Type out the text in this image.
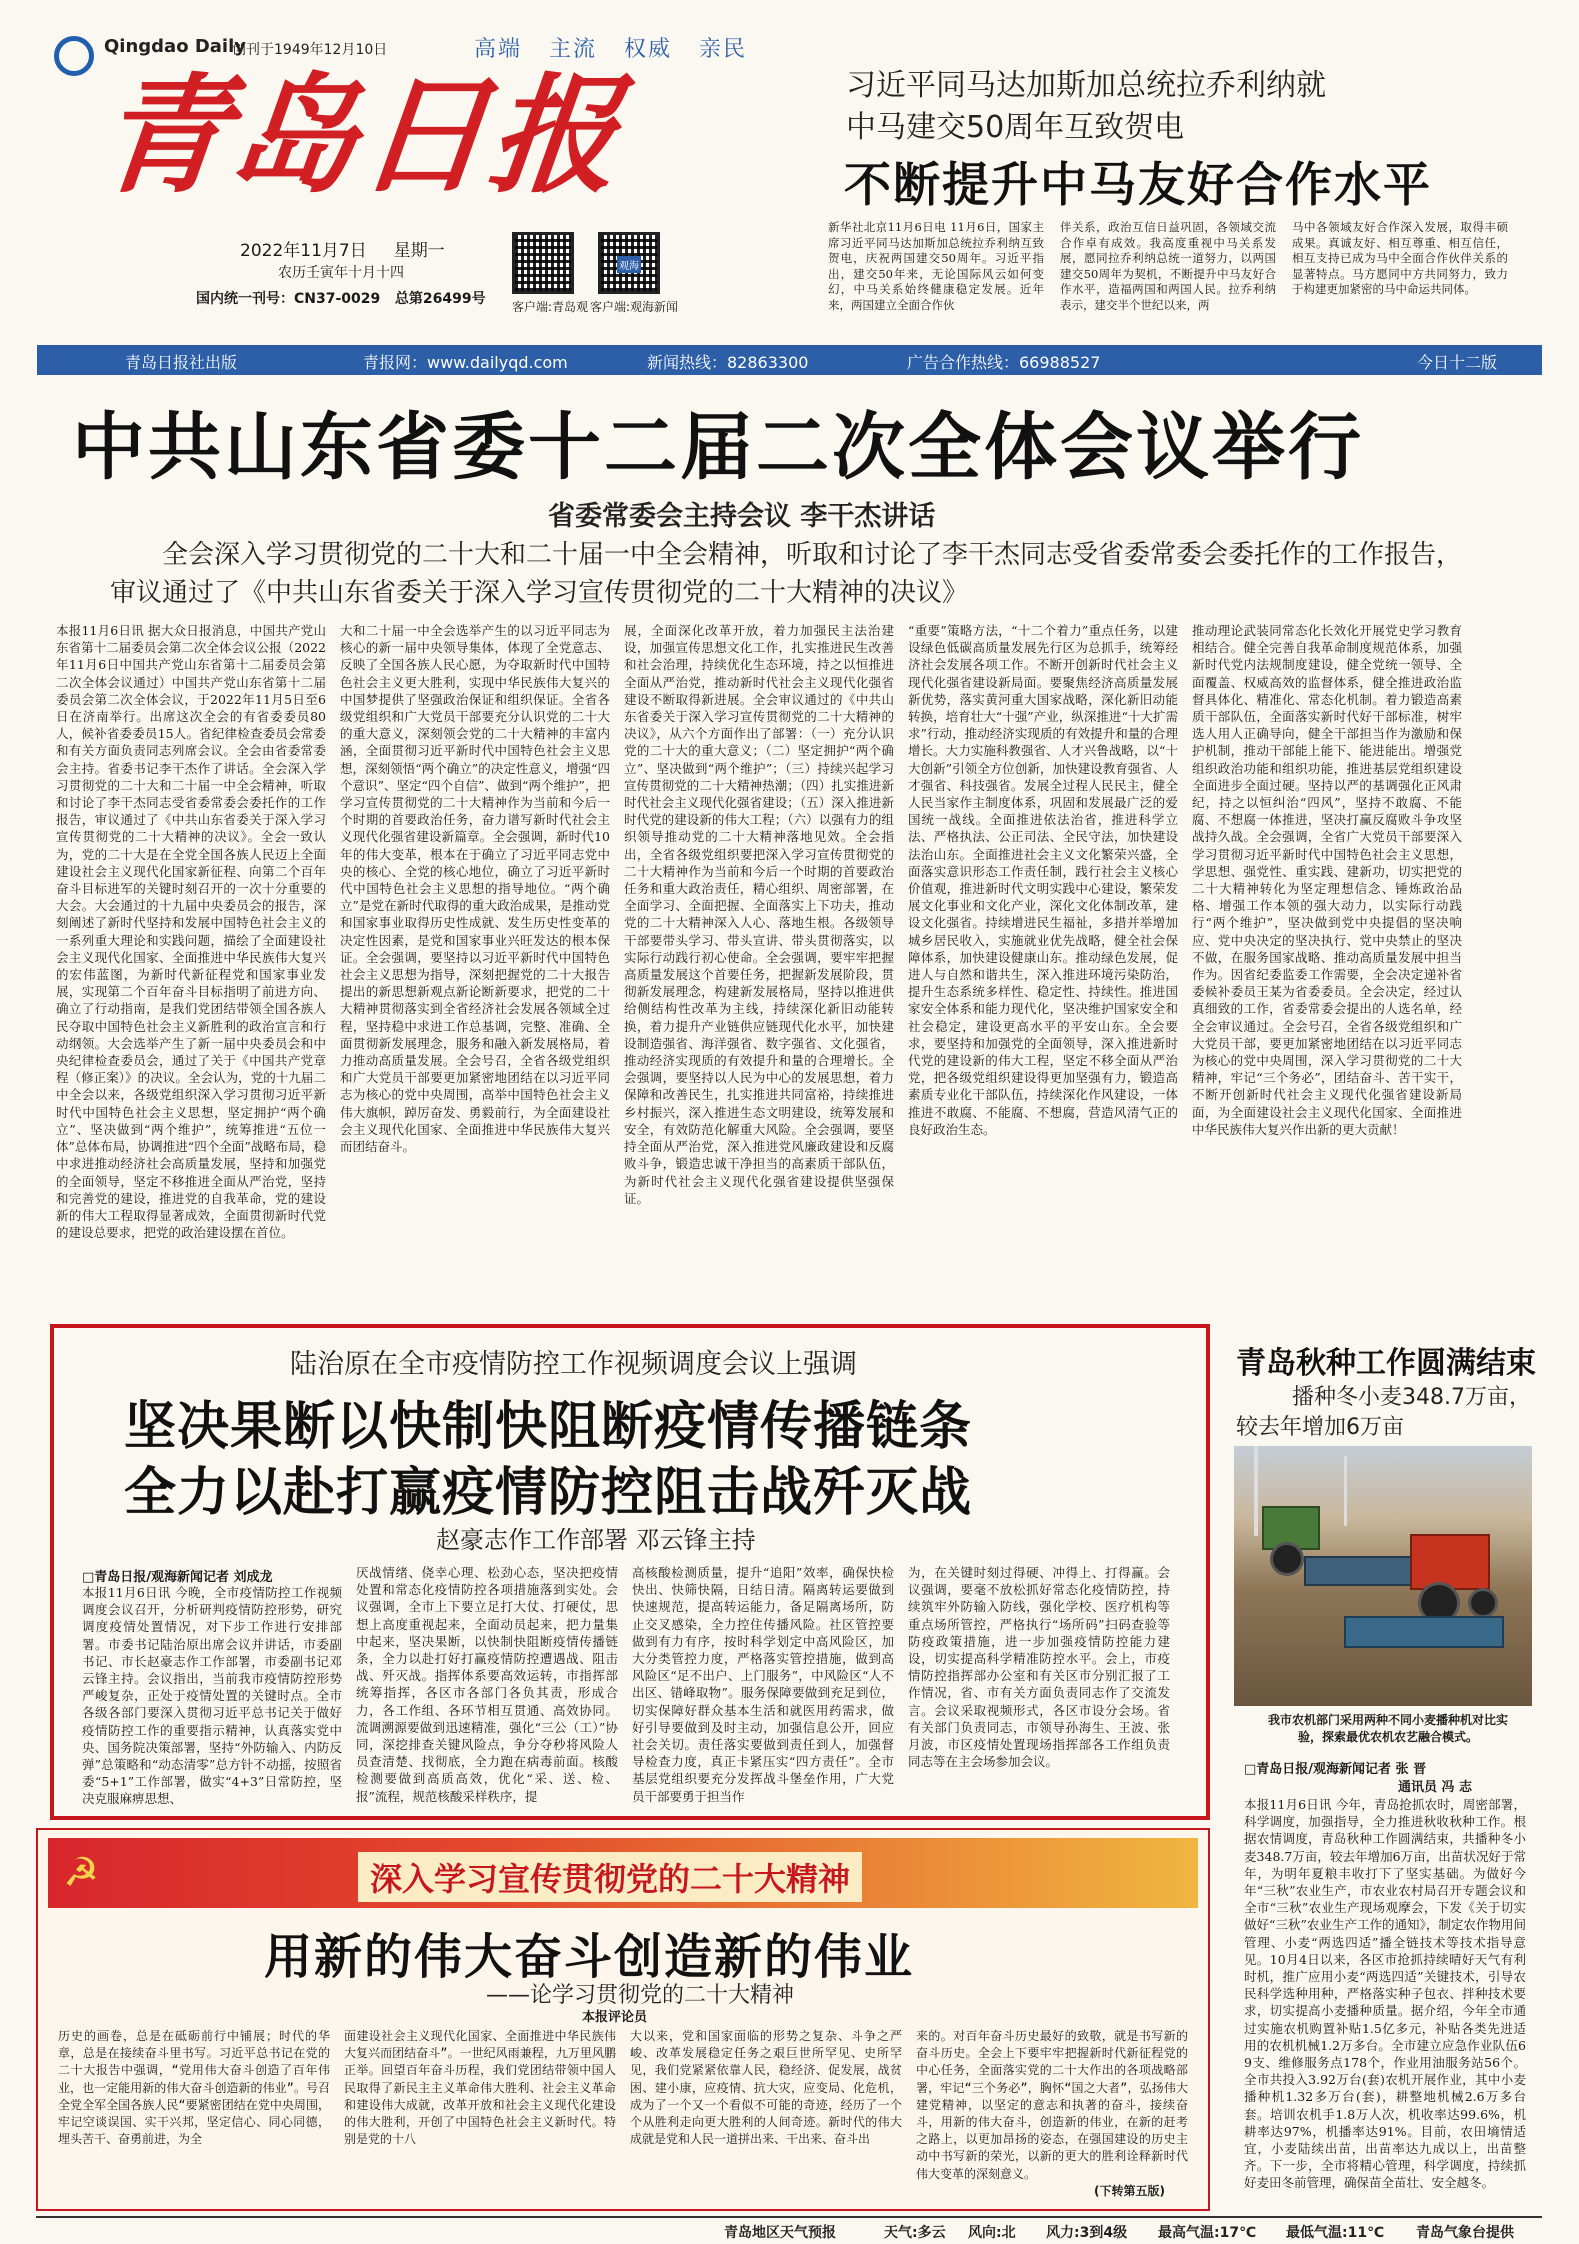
Qingdao Daily
创刊于1949年12月10日	高端 主流 权威 亲民
青岛日报
2022年11月7日 星期一
农历壬寅年十月十四
国内统一刊号：CN37-0029 总第26499号 客户端:青岛观
观海
客户端:观海新闻
习近平同马达加斯加总统拉乔利纳就
中马建交50周年互致贺电
不断提升中马友好合作水平
新华社北京11月6日电 11月6日，国家主席习近平同马达加斯加总统拉乔利纳互致贺电，庆祝两国建交50周年。习近平指出，建交50年来，无论国际风云如何变幻，中马关系始终健康稳定发展。近年来，两国建立全面合作伙
伴关系，政治互信日益巩固，各领域交流合作卓有成效。我高度重视中马关系发展，愿同拉乔利纳总统一道努力，以两国建交50周年为契机，不断提升中马友好合作水平，造福两国和两国人民。拉乔利纳表示，建交半个世纪以来，两
马中各领域友好合作深入发展，取得丰硕成果。真诚友好、相互尊重、相互信任，相互支持已成为马中全面合作伙伴关系的显著特点。马方愿同中方共同努力，致力于构建更加紧密的马中命运共同体。
青岛日报社出版	青报网：www.dailyqd.com	新闻热线：82863300	广告合作热线：66988527	今日十二版
中共山东省委十二届二次全体会议举行
省委常委会主持会议 李干杰讲话
全会深入学习贯彻党的二十大和二十届一中全会精神，听取和讨论了李干杰同志受省委常委会委托作的工作报告，审议通过了《中共山东省委关于深入学习宣传贯彻党的二十大精神的决议》
本报11月6日讯 据大众日报消息，中国共产党山东省第十二届委员会第二次全体会议公报（2022年11月6日中国共产党山东省第十二届委员会第二次全体会议通过）中国共产党山东省第十二届委员会第二次全体会议，于2022年11月5日至6日在济南举行。出席这次全会的有省委委员80人，候补省委委员15人。省纪律检查委员会常委和有关方面负责同志列席会议。全会由省委常委会主持。省委书记李干杰作了讲话。全会深入学习贯彻党的二十大和二十届一中全会精神，听取和讨论了李干杰同志受省委常委会委托作的工作报告，审议通过了《中共山东省委关于深入学习宣传贯彻党的二十大精神的决议》。全会一致认为，党的二十大是在全党全国各族人民迈上全面建设社会主义现代化国家新征程、向第二个百年奋斗目标进军的关键时刻召开的一次十分重要的大会。大会通过的十九届中央委员会的报告，深刻阐述了新时代坚持和发展中国特色社会主义的一系列重大理论和实践问题，描绘了全面建设社会主义现代化国家、全面推进中华民族伟大复兴的宏伟蓝图，为新时代新征程党和国家事业发展，实现第二个百年奋斗目标指明了前进方向、确立了行动指南，是我们党团结带领全国各族人民夺取中国特色社会主义新胜利的政治宣言和行动纲领。大会选举产生了新一届中央委员会和中央纪律检查委员会，通过了关于《中国共产党章程（修正案）》的决议。全会认为，党的十九届二中全会以来，各级党组织深入学习贯彻习近平新时代中国特色社会主义思想，坚定拥护“两个确立”、坚决做到“两个维护”，统筹推进“五位一体”总体布局，协调推进“四个全面”战略布局，稳中求进推动经济社会高质量发展，坚持和加强党的全面领导，坚定不移推进全面从严治党，坚持和完善党的建设，推进党的自我革命，党的建设新的伟大工程取得显著成效，全面贯彻新时代党的建设总要求，把党的政治建设摆在首位。
大和二十届一中全会选举产生的以习近平同志为核心的新一届中央领导集体，体现了全党意志、反映了全国各族人民心愿，为夺取新时代中国特色社会主义更大胜利，实现中华民族伟大复兴的中国梦提供了坚强政治保证和组织保证。全省各级党组织和广大党员干部要充分认识党的二十大的重大意义，深刻领会党的二十大精神的丰富内涵，全面贯彻习近平新时代中国特色社会主义思想，深刻领悟“两个确立”的决定性意义，增强“四个意识”、坚定“四个自信”、做到“两个维护”，把学习宣传贯彻党的二十大精神作为当前和今后一个时期的首要政治任务，奋力谱写新时代社会主义现代化强省建设新篇章。全会强调，新时代10年的伟大变革，根本在于确立了习近平同志党中央的核心、全党的核心地位，确立了习近平新时代中国特色社会主义思想的指导地位。“两个确立”是党在新时代取得的重大政治成果，是推动党和国家事业取得历史性成就、发生历史性变革的决定性因素，是党和国家事业兴旺发达的根本保证。全会强调，要坚持以习近平新时代中国特色社会主义思想为指导，深刻把握党的二十大报告提出的新思想新观点新论断新要求，把党的二十大精神贯彻落实到全省经济社会发展各领域全过程，坚持稳中求进工作总基调，完整、准确、全面贯彻新发展理念，服务和融入新发展格局，着力推动高质量发展。全会号召，全省各级党组织和广大党员干部要更加紧密地团结在以习近平同志为核心的党中央周围，高举中国特色社会主义伟大旗帜，踔厉奋发、勇毅前行，为全面建设社会主义现代化国家、全面推进中华民族伟大复兴而团结奋斗。
展，全面深化改革开放，着力加强民主法治建设，加强宣传思想文化工作，扎实推进民生改善和社会治理，持续优化生态环境，持之以恒推进全面从严治党，推动新时代社会主义现代化强省建设不断取得新进展。全会审议通过的《中共山东省委关于深入学习宣传贯彻党的二十大精神的决议》，从六个方面作出了部署：（一）充分认识党的二十大的重大意义；（二）坚定拥护“两个确立”、坚决做到“两个维护”；（三）持续兴起学习宣传贯彻党的二十大精神热潮；（四）扎实推进新时代社会主义现代化强省建设；（五）深入推进新时代党的建设新的伟大工程；（六）以强有力的组织领导推动党的二十大精神落地见效。全会指出，全省各级党组织要把深入学习宣传贯彻党的二十大精神作为当前和今后一个时期的首要政治任务和重大政治责任，精心组织、周密部署，在全面学习、全面把握、全面落实上下功夫，推动党的二十大精神深入人心、落地生根。各级领导干部要带头学习、带头宣讲、带头贯彻落实，以实际行动践行初心使命。全会强调，要牢牢把握高质量发展这个首要任务，把握新发展阶段，贯彻新发展理念，构建新发展格局，坚持以推进供给侧结构性改革为主线，持续深化新旧动能转换，着力提升产业链供应链现代化水平，加快建设制造强省、海洋强省、数字强省、文化强省，推动经济实现质的有效提升和量的合理增长。全会强调，要坚持以人民为中心的发展思想，着力保障和改善民生，扎实推进共同富裕，持续推进乡村振兴，深入推进生态文明建设，统筹发展和安全，有效防范化解重大风险。全会强调，要坚持全面从严治党，深入推进党风廉政建设和反腐败斗争，锻造忠诚干净担当的高素质干部队伍，为新时代社会主义现代化强省建设提供坚强保证。
“重要”策略方法，“十二个着力”重点任务，以建设绿色低碳高质量发展先行区为总抓手，统筹经济社会发展各项工作。不断开创新时代社会主义现代化强省建设新局面。要聚焦经济高质量发展新优势，落实黄河重大国家战略，深化新旧动能转换，培育壮大“十强”产业，纵深推进“十大扩需求”行动，推动经济实现质的有效提升和量的合理增长。大力实施科教强省、人才兴鲁战略，以“十大创新”引领全方位创新，加快建设教育强省、人才强省、科技强省。发展全过程人民民主，健全人民当家作主制度体系，巩固和发展最广泛的爱国统一战线。全面推进依法治省，推进科学立法、严格执法、公正司法、全民守法，加快建设法治山东。全面推进社会主义文化繁荣兴盛，全面落实意识形态工作责任制，践行社会主义核心价值观，推进新时代文明实践中心建设，繁荣发展文化事业和文化产业，深化文化体制改革，建设文化强省。持续增进民生福祉，多措并举增加城乡居民收入，实施就业优先战略，健全社会保障体系，加快建设健康山东。推动绿色发展，促进人与自然和谐共生，深入推进环境污染防治，提升生态系统多样性、稳定性、持续性。推进国家安全体系和能力现代化，坚决维护国家安全和社会稳定，建设更高水平的平安山东。全会要求，要坚持和加强党的全面领导，深入推进新时代党的建设新的伟大工程，坚定不移全面从严治党，把各级党组织建设得更加坚强有力，锻造高素质专业化干部队伍，持续深化作风建设，一体推进不敢腐、不能腐、不想腐，营造风清气正的良好政治生态。
推动理论武装同常态化长效化开展党史学习教育相结合。健全完善自我革命制度规范体系，加强新时代党内法规制度建设，健全党统一领导、全面覆盖、权威高效的监督体系，健全推进政治监督具体化、精准化、常态化机制。着力锻造高素质干部队伍，全面落实新时代好干部标准，树牢选人用人正确导向，健全干部担当作为激励和保护机制，推动干部能上能下、能进能出。增强党组织政治功能和组织功能，推进基层党组织建设全面进步全面过硬。坚持以严的基调强化正风肃纪，持之以恒纠治“四风”，坚持不敢腐、不能腐、不想腐一体推进，坚决打赢反腐败斗争攻坚战持久战。全会强调，全省广大党员干部要深入学习贯彻习近平新时代中国特色社会主义思想，学思想、强党性、重实践、建新功，切实把党的二十大精神转化为坚定理想信念、锤炼政治品格、增强工作本领的强大动力，以实际行动践行“两个维护”，坚决做到党中央提倡的坚决响应、党中央决定的坚决执行、党中央禁止的坚决不做，在服务国家战略、推动高质量发展中担当作为。因省纪委监委工作需要，全会决定递补省委候补委员王某为省委委员。全会决定，经过认真细致的工作，省委常委会提出的人选名单，经全会审议通过。全会号召，全省各级党组织和广大党员干部，要更加紧密地团结在以习近平同志为核心的党中央周围，深入学习贯彻党的二十大精神，牢记“三个务必”，团结奋斗、苦干实干，不断开创新时代社会主义现代化强省建设新局面，为全面建设社会主义现代化国家、全面推进中华民族伟大复兴作出新的更大贡献！
陆治原在全市疫情防控工作视频调度会议上强调
坚决果断以快制快阻断疫情传播链条
全力以赴打赢疫情防控阻击战歼灭战
赵豪志作工作部署 邓云锋主持
□青岛日报/观海新闻记者 刘成龙
本报11月6日讯 今晚，全市疫情防控工作视频调度会议召开，分析研判疫情防控形势，研究调度疫情处置情况，对下步工作进行安排部署。市委书记陆治原出席会议并讲话，市委副书记、市长赵豪志作工作部署，市委副书记邓云锋主持。会议指出，当前我市疫情防控形势严峻复杂，正处于疫情处置的关键时点。全市各级各部门要深入贯彻习近平总书记关于做好疫情防控工作的重要指示精神，认真落实党中央、国务院决策部署，坚持“外防输入、内防反弹”总策略和“动态清零”总方针不动摇，按照省委“5+1”工作部署，做实“4+3”日常防控，坚决克服麻痹思想、
厌战情绪、侥幸心理、松劲心态，坚决把疫情处置和常态化疫情防控各项措施落到实处。会议强调，全市上下要立足打大仗、打硬仗，思想上高度重视起来，全面动员起来，把力量集中起来，坚决果断，以快制快阻断疫情传播链条，全力以赴打好打赢疫情防控遭遇战、阻击战、歼灭战。指挥体系要高效运转，市指挥部统筹指挥，各区市各部门各负其责，形成合力，各工作组、各环节相互贯通、高效协同。流调溯源要做到迅速精准，强化“三公（工）”协同，深挖排查关键风险点，争分夺秒将风险人员查清楚、找彻底，全力跑在病毒前面。核酸检测要做到高质高效，优化“采、送、检、报”流程，规范核酸采样秩序，提
高核酸检测质量，提升“追阳”效率，确保快检快出、快筛快隔，日结日清。隔离转运要做到快速规范，提高转运能力，备足隔离场所，防止交叉感染，全力控住传播风险。社区管控要做到有力有序，按时科学划定中高风险区，加大分类管控力度，严格落实管控措施，做到高风险区“足不出户、上门服务”，中风险区“人不出区、错峰取物”。服务保障要做到充足到位，切实保障好群众基本生活和就医用药需求，做好引导要做到及时主动，加强信息公开，回应社会关切。责任落实要做到责任到人，加强督导检查力度，真正卡紧压实“四方责任”。全市基层党组织要充分发挥战斗堡垒作用，广大党员干部要勇于担当作
为，在关键时刻过得硬、冲得上、打得赢。会议强调，要毫不放松抓好常态化疫情防控，持续筑牢外防输入防线，强化学校、医疗机构等重点场所管控，严格执行“场所码”扫码查验等防疫政策措施，进一步加强疫情防控能力建设，切实提高科学精准防控水平。会上，市疫情防控指挥部办公室和有关区市分别汇报了工作情况，省、市有关方面负责同志作了交流发言。会议采取视频形式，各区市设分会场。省有关部门负责同志，市领导孙海生、王波、张月波，市区疫情处置现场指挥部各工作组负责同志等在主会场参加会议。
青岛秋种工作圆满结束
播种冬小麦348.7万亩，
较去年增加6万亩
我市农机部门采用两种不同小麦播种机对比实验，探索最优农机农艺融合模式。
□青岛日报/观海新闻记者 张 晋
通讯员 冯 志
本报11月6日讯 今年，青岛抢抓农时，周密部署，科学调度，加强指导，全力推进秋收秋种工作。根据农情调度，青岛秋种工作圆满结束，共播种冬小麦348.7万亩，较去年增加6万亩，出苗状况好于常年，为明年夏粮丰收打下了坚实基础。为做好今年“三秋”农业生产，市农业农村局召开专题会议和全市“三秋”农业生产现场观摩会，下发《关于切实做好“三秋”农业生产工作的通知》，制定农作物用间管理、小麦“两选四适”播全链技术等技术指导意见。10月4日以来，各区市抢抓持续晴好天气有利时机，推广应用小麦“两选四适”关键技术，引导农民科学选种用种，严格落实种子包衣、拌种技术要求，切实提高小麦播种质量。据介绍，今年全市通过实施农机购置补贴1.5亿多元，补贴各类先进适用的农机机械1.2万多台。全市建立应急作业队伍69支、维修服务点178个，作业用油服务站56个。全市共投入3.92万台(套)农机开展作业，其中小麦播种机1.32多万台(套)，耕整地机械2.6万多台套。培训农机手1.8万人次，机收率达99.6%，机耕率达97%，机播率达91%。目前，农田墒情适宜，小麦陆续出苗，出苗率达九成以上，出苗整齐。下一步，全市将精心管理，科学调度，持续抓好麦田冬前管理，确保苗全苗壮、安全越冬。
☭	深入学习宣传贯彻党的二十大精神
用新的伟大奋斗创造新的伟业
——论学习贯彻党的二十大精神
本报评论员
历史的画卷，总是在砥砺前行中铺展；时代的华章，总是在接续奋斗里书写。习近平总书记在党的二十大报告中强调，“党用伟大奋斗创造了百年伟业，也一定能用新的伟大奋斗创造新的伟业”。号召全党全军全国各族人民“要紧密团结在党中央周围，牢记空谈误国、实干兴邦，坚定信心、同心同德，埋头苦干、奋勇前进，为全
面建设社会主义现代化国家、全面推进中华民族伟大复兴而团结奋斗”。一世纪风雨兼程，九万里风鹏正举。回望百年奋斗历程，我们党团结带领中国人民取得了新民主主义革命伟大胜利、社会主义革命和建设伟大成就，改革开放和社会主义现代化建设的伟大胜利，开创了中国特色社会主义新时代。特别是党的十八
大以来，党和国家面临的形势之复杂、斗争之严峻、改革发展稳定任务之艰巨世所罕见、史所罕见，我们党紧紧依靠人民，稳经济、促发展，战贫困、建小康，应疫情、抗大灾，应变局、化危机，成为了一个又一个看似不可能的奇迹，经历了一个个从胜利走向更大胜利的人间奇迹。新时代的伟大成就是党和人民一道拼出来、干出来、奋斗出
来的。对百年奋斗历史最好的致敬，就是书写新的奋斗历史。全会上下要牢牢把握新时代新征程党的中心任务，全面落实党的二十大作出的各项战略部署，牢记“三个务必”，胸怀“国之大者”，弘扬伟大建党精神，以坚定的意志和执著的奋斗，接续奋斗，用新的伟大奋斗，创造新的伟业，在新的赶考之路上，以更加昂扬的姿态，在强国建设的历史主动中书写新的荣光，以新的更大的胜利诠释新时代伟大变革的深刻意义。
(下转第五版)
青岛地区天气预报	天气:多云 风向:北 风力:3到4级 最高气温:17℃ 最低气温:11℃ 青岛气象台提供
